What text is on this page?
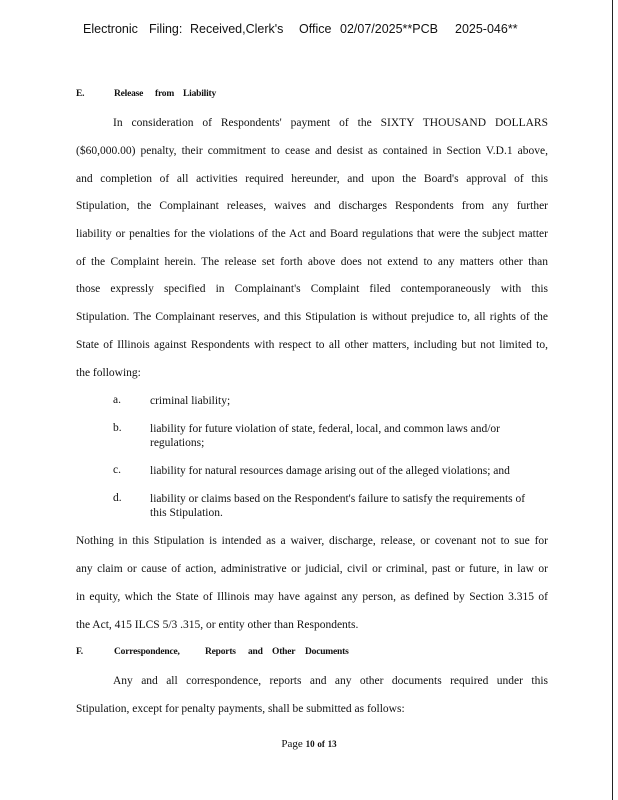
Electronic Filing: Received,Clerk's Office 02/07/2025**PCB 2025-046**
E.	Release from Liability
In consideration of Respondents' payment of the SIXTY THOUSAND DOLLARS
($60,000.00) penalty, their commitment to cease and desist as contained in Section V.D.1 above,
and completion of all activities required hereunder, and upon the Board's approval of this
Stipulation, the Complainant releases, waives and discharges Respondents from any further
liability or penalties for the violations of the Act and Board regulations that were the subject matter
of the Complaint herein. The release set forth above does not extend to any matters other than
those expressly specified in Complainant's Complaint filed contemporaneously with this
Stipulation. The Complainant reserves, and this Stipulation is without prejudice to, all rights of the
State of Illinois against Respondents with respect to all other matters, including but not limited to,
the following:
a.	criminal liability;
b. liability for future violation of state, federal, local, and common laws and/or
regulations;
c.	liability for natural resources damage arising out of the alleged violations; and
d. liability or claims based on the Respondent's failure to satisfy the requirements of
this Stipulation.
Nothing in this Stipulation is intended as a waiver, discharge, release, or covenant not to sue for
any claim or cause of action, administrative or judicial, civil or criminal, past or future, in law or
in equity, which the State of Illinois may have against any person, as defined by Section 3.315 of
the Act, 415 ILCS 5/3 .315, or entity other than Respondents.
F.	Correspondence,	Reports and Other Documents
Any and all correspondence, reports and any other documents required under this
Stipulation, except for penalty payments, shall be submitted as follows:
Page 10 of 13
